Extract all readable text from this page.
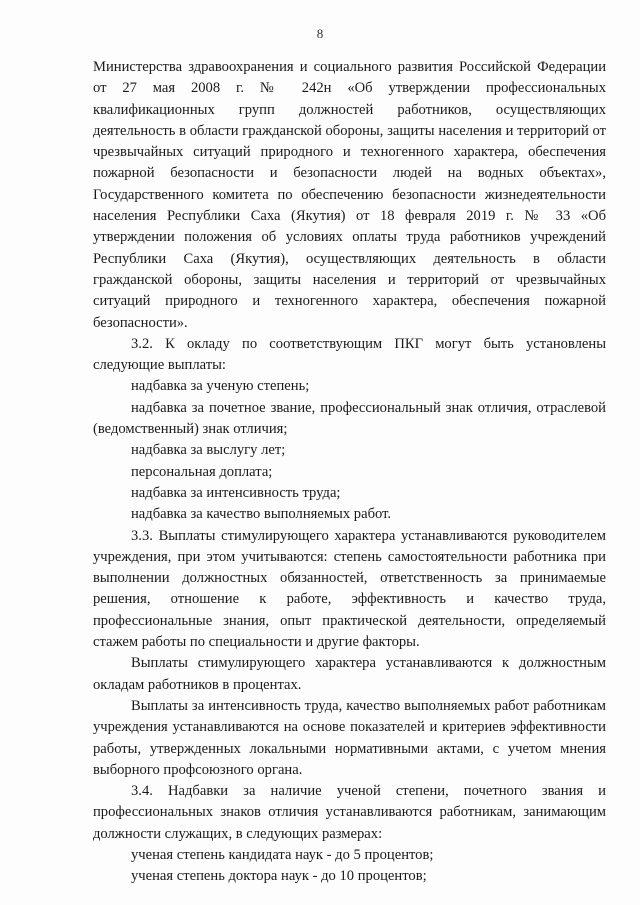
8

Министерства здравоохранения и социального развития Российской Федерации от 27 мая 2008 г. № 242н «Об утверждении профессиональных квалификационных групп должностей работников, осуществляющих деятельность в области гражданской обороны, защиты населения и территорий от чрезвычайных ситуаций природного и техногенного характера, обеспечения пожарной безопасности и безопасности людей на водных объектах», Государственного комитета по обеспечению безопасности жизнедеятельности населения Республики Саха (Якутия) от 18 февраля 2019 г. № 33 «Об утверждении положения об условиях оплаты труда работников учреждений Республики Саха (Якутия), осуществляющих деятельность в области гражданской обороны, защиты населения и территорий от чрезвычайных ситуаций природного и техногенного характера, обеспечения пожарной безопасности».

3.2. К окладу по соответствующим ПКГ могут быть установлены следующие выплаты:

надбавка за ученую степень;

надбавка за почетное звание, профессиональный знак отличия, отраслевой (ведомственный) знак отличия;

надбавка за выслугу лет;

персональная доплата;

надбавка за интенсивность труда;

надбавка за качество выполняемых работ.

3.3. Выплаты стимулирующего характера устанавливаются руководителем учреждения, при этом учитываются: степень самостоятельности работника при выполнении должностных обязанностей, ответственность за принимаемые решения, отношение к работе, эффективность и качество труда, профессиональные знания, опыт практической деятельности, определяемый стажем работы по специальности и другие факторы.

Выплаты стимулирующего характера устанавливаются к должностным окладам работников в процентах.

Выплаты за интенсивность труда, качество выполняемых работ работникам учреждения устанавливаются на основе показателей и критериев эффективности работы, утвержденных локальными нормативными актами, с учетом мнения выборного профсоюзного органа.

3.4. Надбавки за наличие ученой степени, почетного звания и профессиональных знаков отличия устанавливаются работникам, занимающим должности служащих, в следующих размерах:

ученая степень кандидата наук - до 5 процентов;

ученая степень доктора наук - до 10 процентов;
